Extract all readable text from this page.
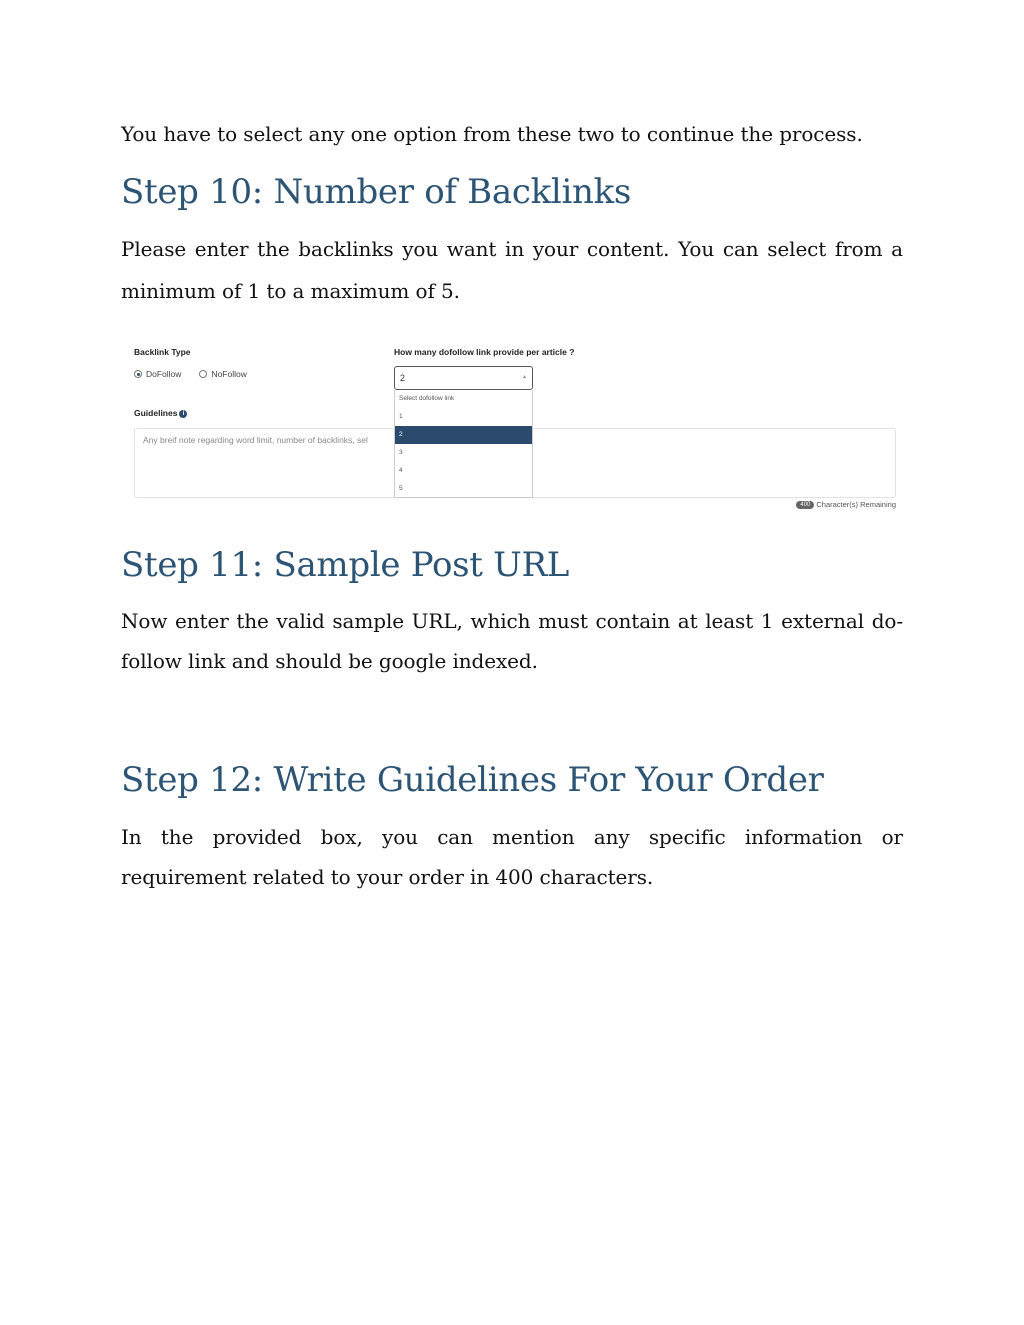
You have to select any one option from these two to continue the process.

Step 10: Number of Backlinks

Please enter the backlinks you want in your content. You can select from a minimum of 1 to a maximum of 5.

Step 11: Sample Post URL

Now enter the valid sample URL, which must contain at least 1 external do-follow link and should be google indexed.

Step 12: Write Guidelines For Your Order

In the provided box, you can mention any specific information or requirement related to your order in 400 characters.

Backlink Type
DoFollow	NoFollow
Guidelines i
Any breif note regarding word limit, number of backlinks, sel
400 Character(s) Remaining
How many dofollow link provide per article ?
2	▲
Select dofollow link
1
2
3
4
5
